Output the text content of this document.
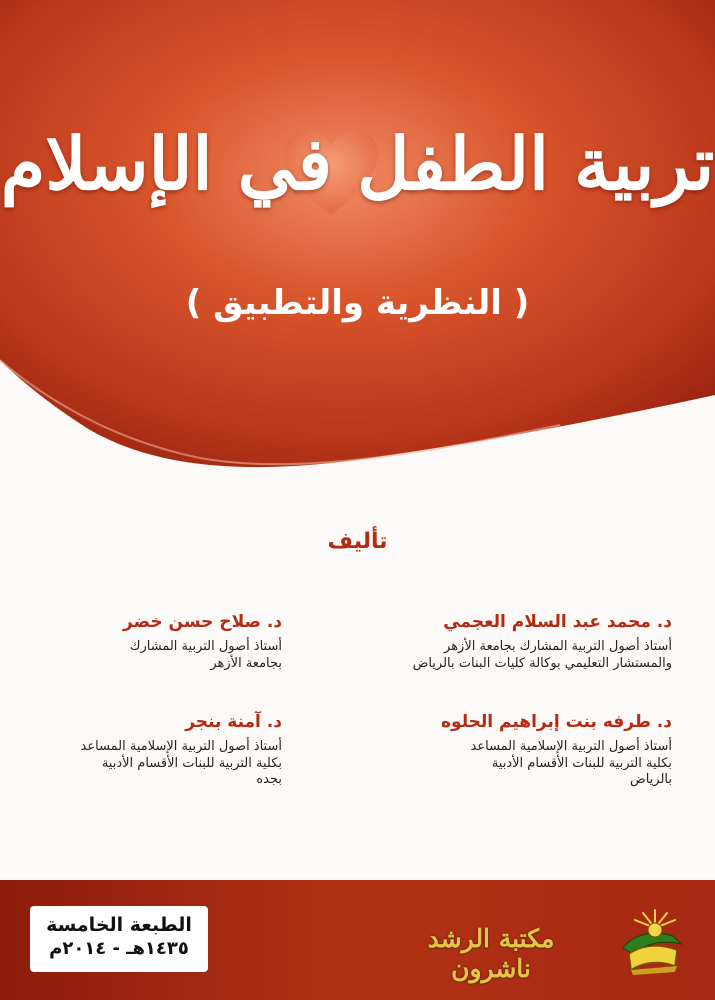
تربية الطفل في الإسلام
( النظرية والتطبيق )
تأليف
د. محمد عبد السلام العجمي
أستاذ أصول التربية المشارك بجامعة الأزهر
والمستشار التعليمي بوكالة كليات البنات بالرياض
د. صلاح حسن خضر
أستاذ أصول التربية المشارك
بجامعة الأزهر
د. طرفه بنت إبراهيم الحلوه
أستاذ أصول التربية الإسلامية المساعد
بكلية التربية للبنات الأقسام الأدبية
بالرياض
د. آمنة بنجر
أستاذ أصول التربية الإسلامية المساعد
بكلية التربية للبنات الأقسام الأدبية
بجده
الطبعة الخامسة
١٤٣٥هـ - ٢٠١٤م	مكتبة الرشد ناشرون
